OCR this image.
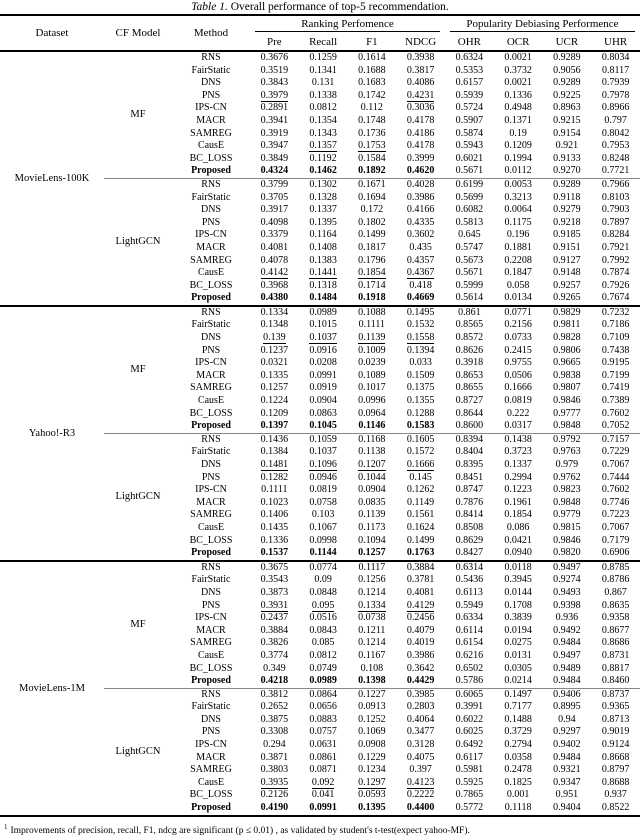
Table 1. Overall performance of top-5 recommendation.
Dataset	CF Model	Method
Ranking Perfomence	Popularity Debiasing Performence
Pre	Recall	F1	NDCG	OHR	OCR	UCR	UHR
MovieLens-100K
MF
RNS	0.3676	0.1259	0.1614	0.3938	0.6324	0.0021	0.9289	0.8034
FairStatic	0.3519	0.1341	0.1688	0.3817	0.5353	0.3732	0.9056	0.8117
DNS	0.3843	0.131	0.1683	0.4086	0.6157	0.0021	0.9289	0.7939
PNS	0.3979	0.1338	0.1742	0.4231	0.5939	0.1336	0.9225	0.7978
IPS-CN	0.2891	0.0812	0.112	0.3036	0.5724	0.4948	0.8963	0.8966
MACR	0.3941	0.1354	0.1748	0.4178	0.5907	0.1371	0.9215	0.797
SAMREG	0.3919	0.1343	0.1736	0.4186	0.5874	0.19	0.9154	0.8042
CausE	0.3947	0.1357	0.1753	0.4178	0.5943	0.1209	0.921	0.7953
BC_LOSS	0.3849	0.1192	0.1584	0.3999	0.6021	0.1994	0.9133	0.8248
Proposed	0.4324	0.1462	0.1892	0.4620	0.5671	0.0112	0.9270	0.7721
LightGCN
RNS	0.3799	0.1302	0.1671	0.4028	0.6199	0.0053	0.9289	0.7966
FairStatic	0.3705	0.1328	0.1694	0.3986	0.5699	0.3213	0.9118	0.8103
DNS	0.3917	0.1337	0.172	0.4166	0.6082	0.0064	0.9279	0.7903
PNS	0.4098	0.1395	0.1802	0.4335	0.5813	0.1175	0.9218	0.7897
IPS-CN	0.3379	0.1164	0.1499	0.3602	0.645	0.196	0.9185	0.8284
MACR	0.4081	0.1408	0.1817	0.435	0.5747	0.1881	0.9151	0.7921
SAMREG	0.4078	0.1383	0.1796	0.4357	0.5673	0.2208	0.9127	0.7992
CausE	0.4142	0.1441	0.1854	0.4367	0.5671	0.1847	0.9148	0.7874
BC_LOSS	0.3968	0.1318	0.1714	0.418	0.5999	0.058	0.9257	0.7926
Proposed	0.4380	0.1484	0.1918	0.4669	0.5614	0.0134	0.9265	0.7674
Yahoo!-R3
MF
RNS	0.1334	0.0989	0.1088	0.1495	0.861	0.0771	0.9829	0.7232
FairStatic	0.1348	0.1015	0.1111	0.1532	0.8565	0.2156	0.9811	0.7186
DNS	0.139	0.1037	0.1139	0.1558	0.8572	0.0733	0.9828	0.7109
PNS	0.1237	0.0916	0.1009	0.1394	0.8626	0.2415	0.9806	0.7438
IPS-CN	0.0321	0.0208	0.0239	0.033	0.3918	0.9755	0.9665	0.9195
MACR	0.1335	0.0991	0.1089	0.1509	0.8653	0.0506	0.9838	0.7199
SAMREG	0.1257	0.0919	0.1017	0.1375	0.8655	0.1666	0.9807	0.7419
CausE	0.1224	0.0904	0.0996	0.1355	0.8727	0.0819	0.9846	0.7389
BC_LOSS	0.1209	0.0863	0.0964	0.1288	0.8644	0.222	0.9777	0.7602
Proposed	0.1397	0.1045	0.1146	0.1583	0.8600	0.0317	0.9848	0.7052
LightGCN
RNS	0.1436	0.1059	0.1168	0.1605	0.8394	0.1438	0.9792	0.7157
FairStatic	0.1384	0.1037	0.1138	0.1572	0.8404	0.3723	0.9763	0.7229
DNS	0.1481	0.1096	0.1207	0.1666	0.8395	0.1337	0.979	0.7067
PNS	0.1282	0.0946	0.1044	0.145	0.8451	0.2994	0.9762	0.7444
IPS-CN	0.1111	0.0819	0.0904	0.1262	0.8747	0.1223	0.9823	0.7602
MACR	0.1023	0.0758	0.0835	0.1149	0.7876	0.1961	0.9848	0.7746
SAMREG	0.1406	0.103	0.1139	0.1561	0.8414	0.1854	0.9779	0.7223
CausE	0.1435	0.1067	0.1173	0.1624	0.8508	0.086	0.9815	0.7067
BC_LOSS	0.1336	0.0998	0.1094	0.1499	0.8629	0.0421	0.9846	0.7179
Proposed	0.1537	0.1144	0.1257	0.1763	0.8427	0.0940	0.9820	0.6906
MovieLens-1M
MF
RNS	0.3675	0.0774	0.1117	0.3884	0.6314	0.0118	0.9497	0.8785
FairStatic	0.3543	0.09	0.1256	0.3781	0.5436	0.3945	0.9274	0.8786
DNS	0.3873	0.0848	0.1214	0.4081	0.6113	0.0144	0.9493	0.867
PNS	0.3931	0.095	0.1334	0.4129	0.5949	0.1708	0.9398	0.8635
IPS-CN	0.2437	0.0516	0.0738	0.2456	0.6334	0.3839	0.936	0.9358
MACR	0.3884	0.0843	0.1211	0.4079	0.6114	0.0194	0.9492	0.8677
SAMREG	0.3826	0.085	0.1214	0.4019	0.6154	0.0275	0.9484	0.8686
CausE	0.3774	0.0812	0.1167	0.3986	0.6216	0.0131	0.9497	0.8731
BC_LOSS	0.349	0.0749	0.108	0.3642	0.6502	0.0305	0.9489	0.8817
Proposed	0.4218	0.0989	0.1398	0.4429	0.5786	0.0214	0.9484	0.8460
LightGCN
RNS	0.3812	0.0864	0.1227	0.3985	0.6065	0.1497	0.9406	0.8737
FairStatic	0.2652	0.0656	0.0913	0.2803	0.3991	0.7177	0.8995	0.9365
DNS	0.3875	0.0883	0.1252	0.4064	0.6022	0.1488	0.94	0.8713
PNS	0.3308	0.0757	0.1069	0.3477	0.6025	0.3729	0.9297	0.9019
IPS-CN	0.294	0.0631	0.0908	0.3128	0.6492	0.2794	0.9402	0.9124
MACR	0.3871	0.0861	0.1229	0.4075	0.6117	0.0358	0.9484	0.8668
SAMREG	0.3803	0.0871	0.1234	0.397	0.5981	0.2478	0.9321	0.8797
CausE	0.3935	0.092	0.1297	0.4123	0.5925	0.1825	0.9347	0.8688
BC_LOSS	0.2126	0.041	0.0593	0.2222	0.7865	0.001	0.951	0.937
Proposed	0.4190	0.0991	0.1395	0.4400	0.5772	0.1118	0.9404	0.8522
$^1$ Improvements of precision, recall, F1, ndcg are significant (p ≤ 0.01) , as validated by student's t-test(expect yahoo-MF).
